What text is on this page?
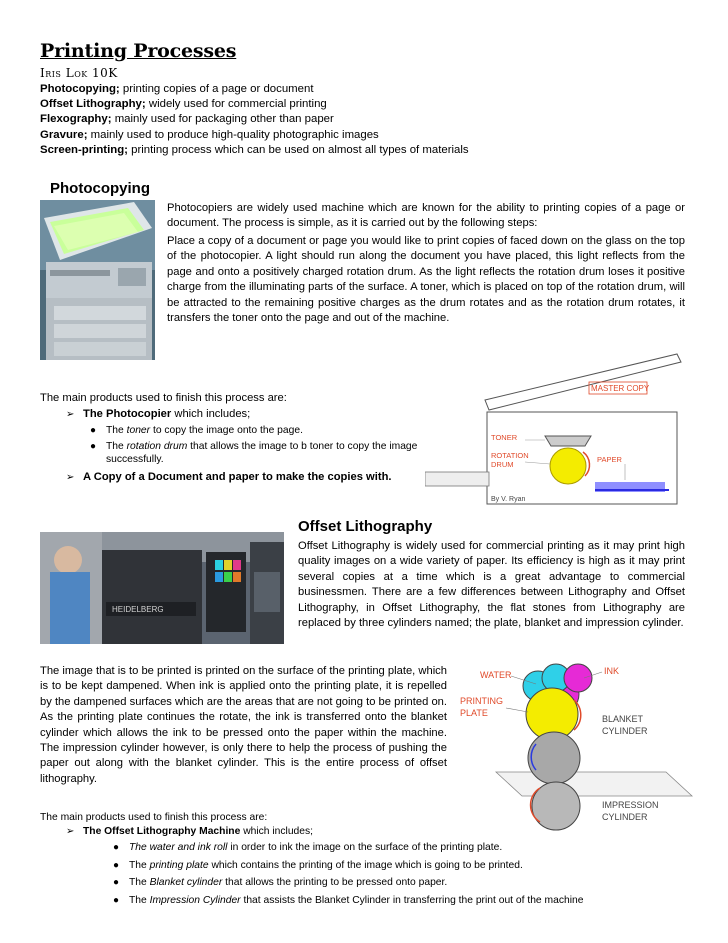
Printing Processes
Iris Lok 10K
Photocopying; printing copies of a page or document
Offset Lithography; widely used for commercial printing
Flexography; mainly used for packaging other than paper
Gravure; mainly used to produce high-quality photographic images
Screen-printing; printing process which can be used on almost all types of materials
Photocopying
Photocopiers are widely used machine which are known for the ability to printing copies of a page or document. The process is simple, as it is carried out by the following steps:
Place a copy of a document or page you would like to print copies of faced down on the glass on the top of the photocopier. A light should run along the document you have placed, this light reflects from the page and onto a positively charged rotation drum. As the light reflects the rotation drum loses it positive charge from the illuminating parts of the surface. A toner, which is placed on top of the rotation drum, will be attracted to the remaining positive charges as the drum rotates and as the rotation drum rotates, it transfers the toner onto the page and out of the machine.
The main products used to finish this process are:
➢ The Photocopier which includes;
● The toner to copy the image onto the page.
● The rotation drum that allows the image to b toner to copy the image successfully.
➢ A Copy of a Document and paper to make the copies with.
MASTER COPY
TONER
ROTATION
DRUM
PAPER
By V. Ryan
HEIDELBERG
Offset Lithography
Offset Lithography is widely used for commercial printing as it may print high quality images on a wide variety of paper. Its efficiency is high as it may print several copies at a time which is a great advantage to commercial businessmen. There are a few differences between Lithography and Offset Lithography, in Offset Lithography, the flat stones from Lithography are replaced by three cylinders named; the plate, blanket and impression cylinder.
The image that is to be printed is printed on the surface of the printing plate, which is to be kept dampened. When ink is applied onto the printing plate, it is repelled by the dampened surfaces which are the areas that are not going to be printed on. As the printing plate continues the rotate, the ink is transferred onto the blanket cylinder which allows the ink to be pressed onto the paper within the machine. The impression cylinder however, is only there to help the process of pushing the paper out along with the blanket cylinder. This is the entire process of offset lithography.
The main products used to finish this process are:
➢ The Offset Lithography Machine which includes;
● The water and ink roll in order to ink the image on the surface of the printing plate.
● The printing plate which contains the printing of the image which is going to be printed.
● The Blanket cylinder that allows the printing to be pressed onto paper.
● The Impression Cylinder that assists the Blanket Cylinder in transferring the print out of the machine
WATER	INK
PRINTING
PLATE
BLANKET
CYLINDER
IMPRESSION
CYLINDER
